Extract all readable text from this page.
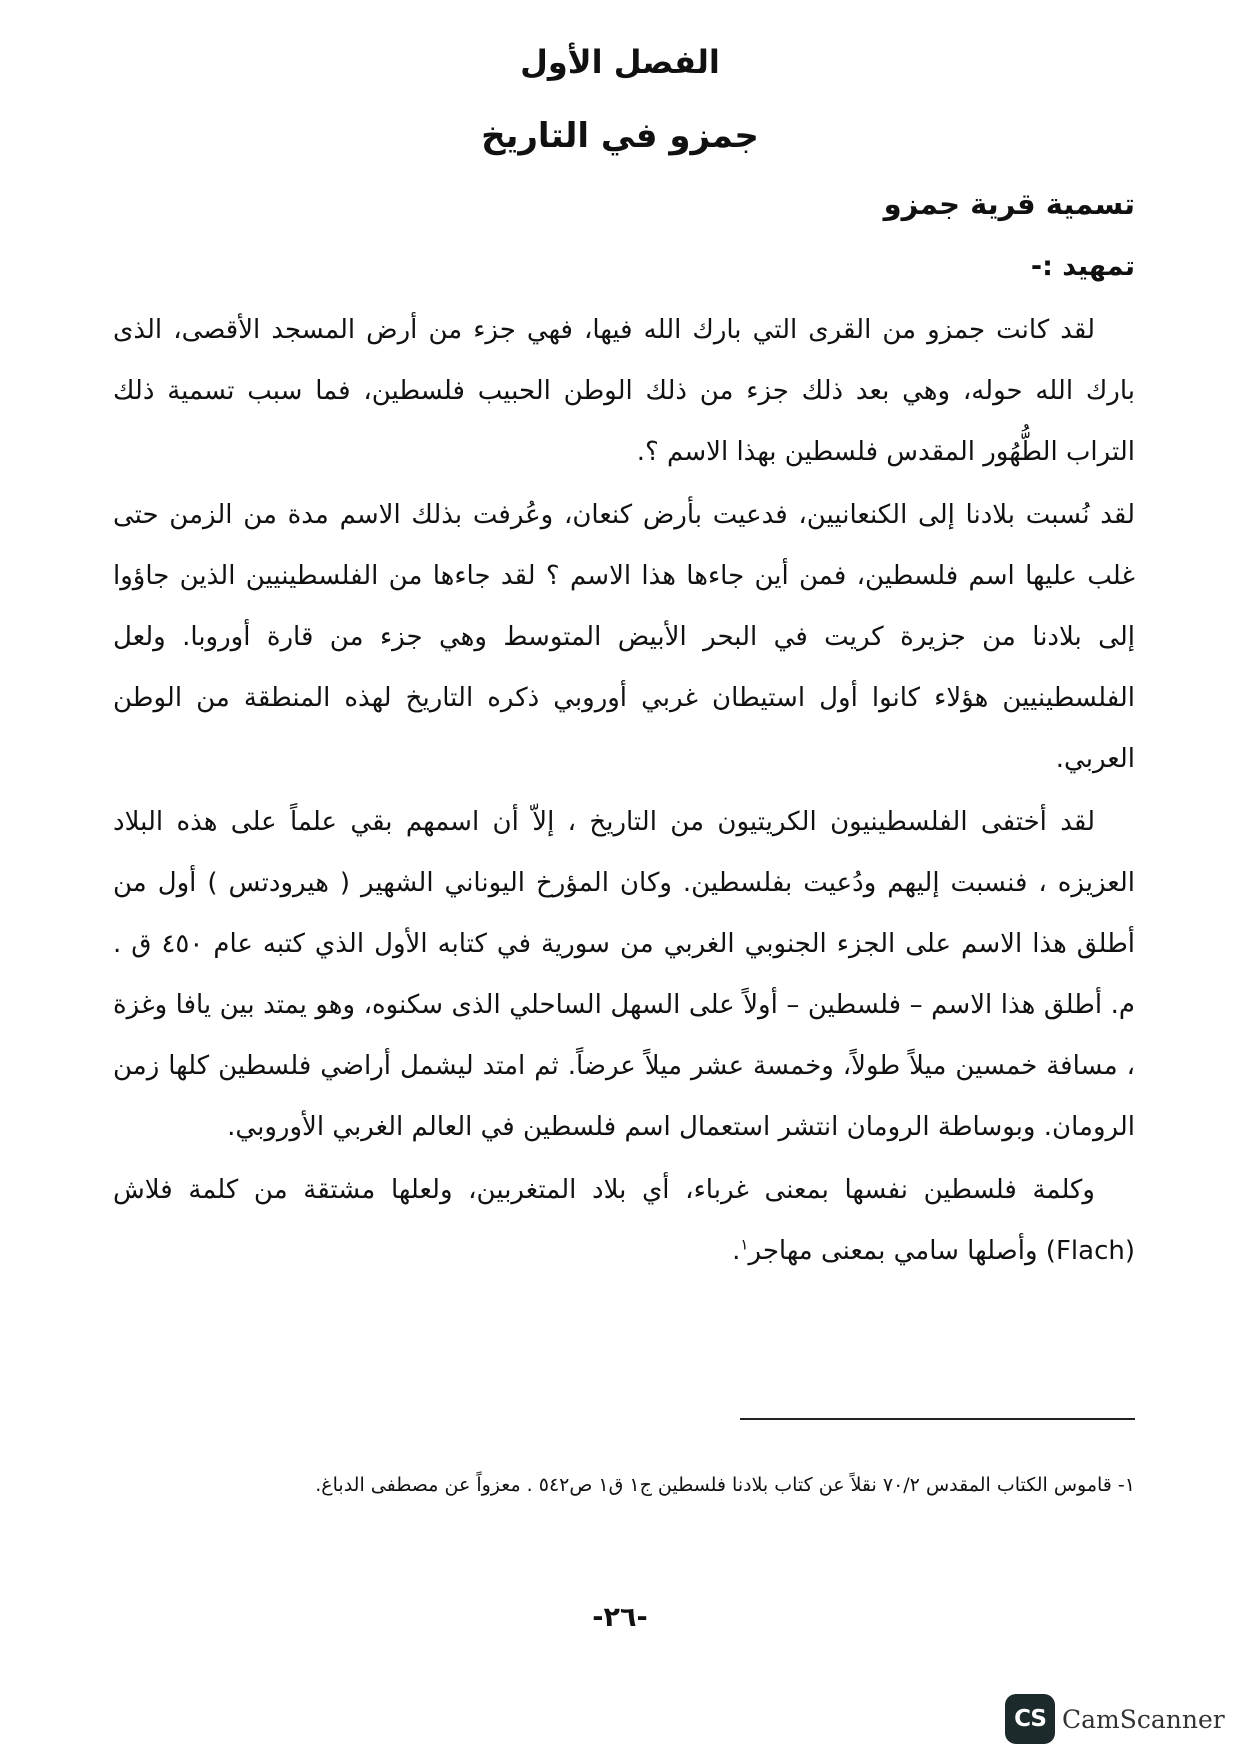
الفصل الأول
جمزو في التاريخ
تسمية قرية جمزو
تمهيد :-

لقد كانت جمزو من القرى التي بارك الله فيها، فهي جزء من أرض المسجد الأقصى، الذى بارك الله حوله، وهي بعد ذلك جزء من ذلك الوطن الحبيب فلسطين، فما سبب تسمية ذلك التراب الطُّهُور المقدس فلسطين بهذا الاسم ؟.

لقد نُسبت بلادنا إلى الكنعانيين، فدعيت بأرض كنعان، وعُرفت بذلك الاسم مدة من الزمن حتى غلب عليها اسم فلسطين، فمن أين جاءها هذا الاسم ؟ لقد جاءها من الفلسطينيين الذين جاؤوا إلى بلادنا من جزيرة كريت في البحر الأبيض المتوسط وهي جزء من قارة أوروبا. ولعل الفلسطينيين هؤلاء كانوا أول استيطان غربي أوروبي ذكره التاريخ لهذه المنطقة من الوطن العربي.

لقد أختفى الفلسطينيون الكريتيون من التاريخ ، إلاّ أن اسمهم بقي علماً على هذه البلاد العزيزه ، فنسبت إليهم ودُعيت بفلسطين. وكان المؤرخ اليوناني الشهير ( هيرودتس ) أول من أطلق هذا الاسم على الجزء الجنوبي الغربي من سورية في كتابه الأول الذي كتبه عام ٤٥٠ ق . م. أطلق هذا الاسم – فلسطين – أولاً على السهل الساحلي الذى سكنوه، وهو يمتد بين يافا وغزة ، مسافة خمسين ميلاً طولاً، وخمسة عشر ميلاً عرضاً. ثم امتد ليشمل أراضي فلسطين كلها زمن الرومان. وبوساطة الرومان انتشر استعمال اسم فلسطين في العالم الغربي الأوروبي.

وكلمة فلسطين نفسها بمعنى غرباء، أي بلاد المتغربين، ولعلها مشتقة من كلمة فلاش (Flach) وأصلها سامي بمعنى مهاجر$^١$.

١- قاموس الكتاب المقدس ٧٠/٢ نقلاً عن كتاب بلادنا فلسطين ج١ ق١ ص٥٤٢ . معزواً عن مصطفى الدباغ.

-٢٦-

CS CamScanner
